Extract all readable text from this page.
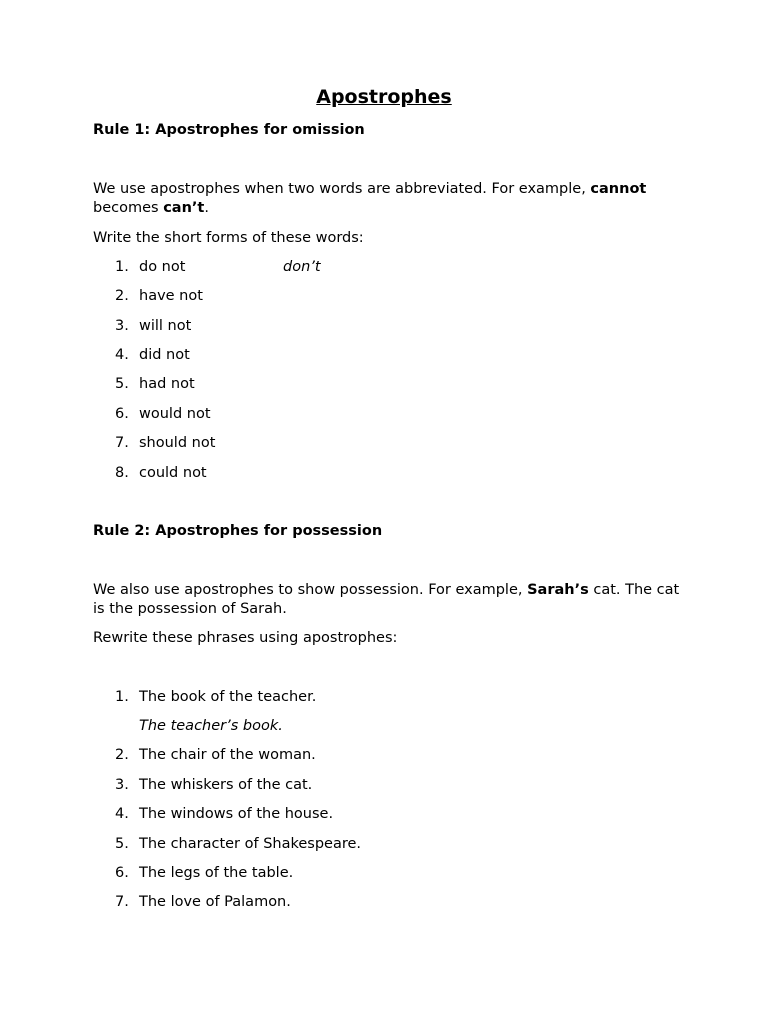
Apostrophes
Rule 1: Apostrophes for omission

We use apostrophes when two words are abbreviated. For example, cannot becomes can’t.

Write the short forms of these words:

1. do not	don’t
2. have not
3. will not
4. did not
5. had not
6. would not
7. should not
8. could not
Rule 2: Apostrophes for possession

We also use apostrophes to show possession. For example, Sarah’s cat. The cat is the possession of Sarah.

Rewrite these phrases using apostrophes:

1. The book of the teacher.
The teacher’s book.
2. The chair of the woman.
3. The whiskers of the cat.
4. The windows of the house.
5. The character of Shakespeare.
6. The legs of the table.
7. The love of Palamon.
